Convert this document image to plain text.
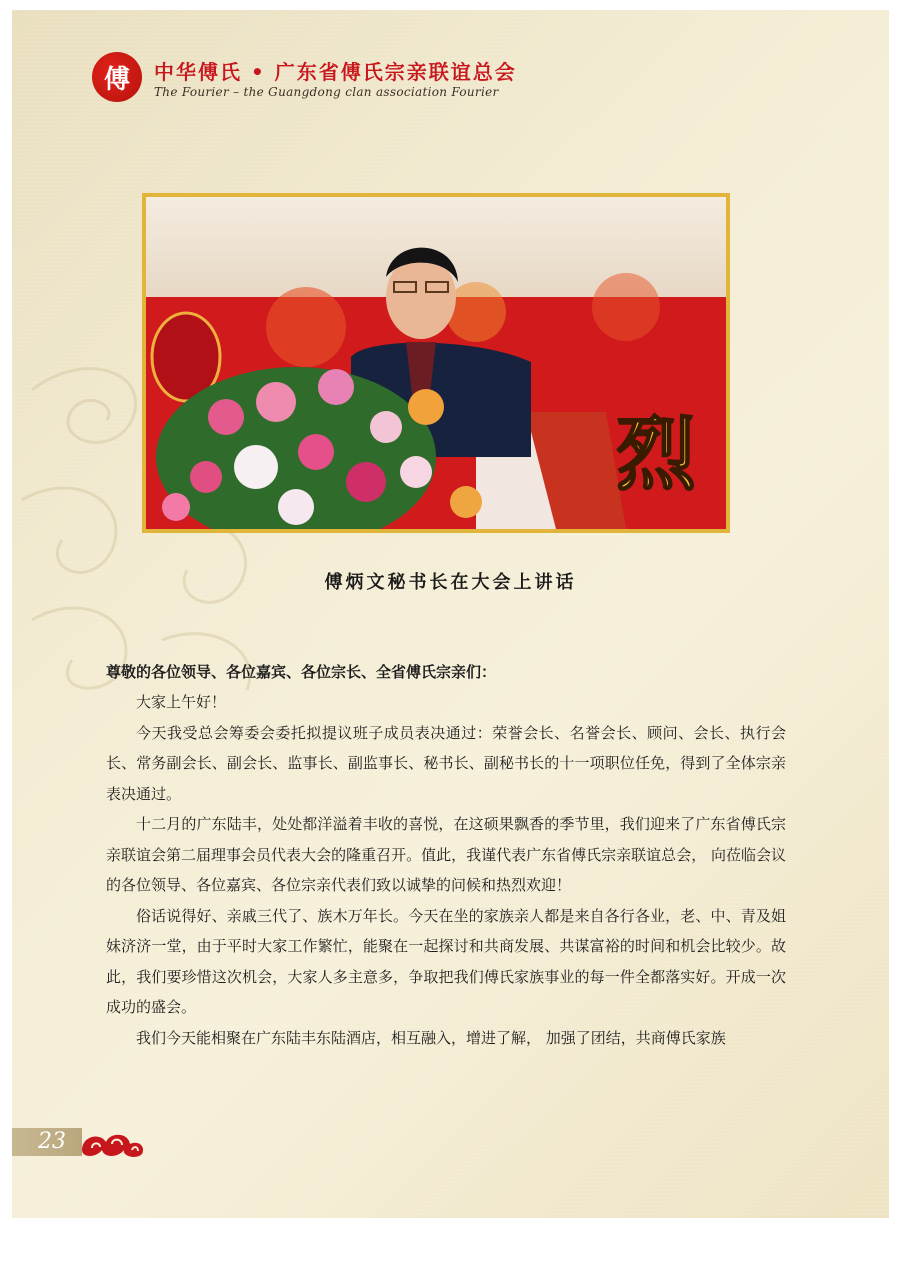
傅 中华傅氏 • 广东省傅氏宗亲联谊总会
The Fourier – the Guangdong clan association Fourier
烈
傅炳文秘书长在大会上讲话

尊敬的各位领导、各位嘉宾、各位宗长、全省傅氏宗亲们：

大家上午好！

今天我受总会筹委会委托拟提议班子成员表决通过：荣誉会长、名誉会长、顾问、会长、执行会长、常务副会长、副会长、监事长、副监事长、秘书长、副秘书长的十一项职位任免，得到了全体宗亲表决通过。

十二月的广东陆丰，处处都洋溢着丰收的喜悦，在这硕果飘香的季节里，我们迎来了广东省傅氏宗亲联谊会第二届理事会员代表大会的隆重召开。值此，我谨代表广东省傅氏宗亲联谊总会， 向莅临会议的各位领导、各位嘉宾、各位宗亲代表们致以诚挚的问候和热烈欢迎！

俗话说得好、亲戚三代了、族木万年长。今天在坐的家族亲人都是来自各行各业，老、中、青及姐妹济济一堂，由于平时大家工作繁忙，能聚在一起探讨和共商发展、共谋富裕的时间和机会比较少。故此，我们要珍惜这次机会，大家人多主意多，争取把我们傅氏家族事业的每一件全都落实好。开成一次成功的盛会。

我们今天能相聚在广东陆丰东陆酒店，相互融入，增进了解， 加强了团结，共商傅氏家族

23
